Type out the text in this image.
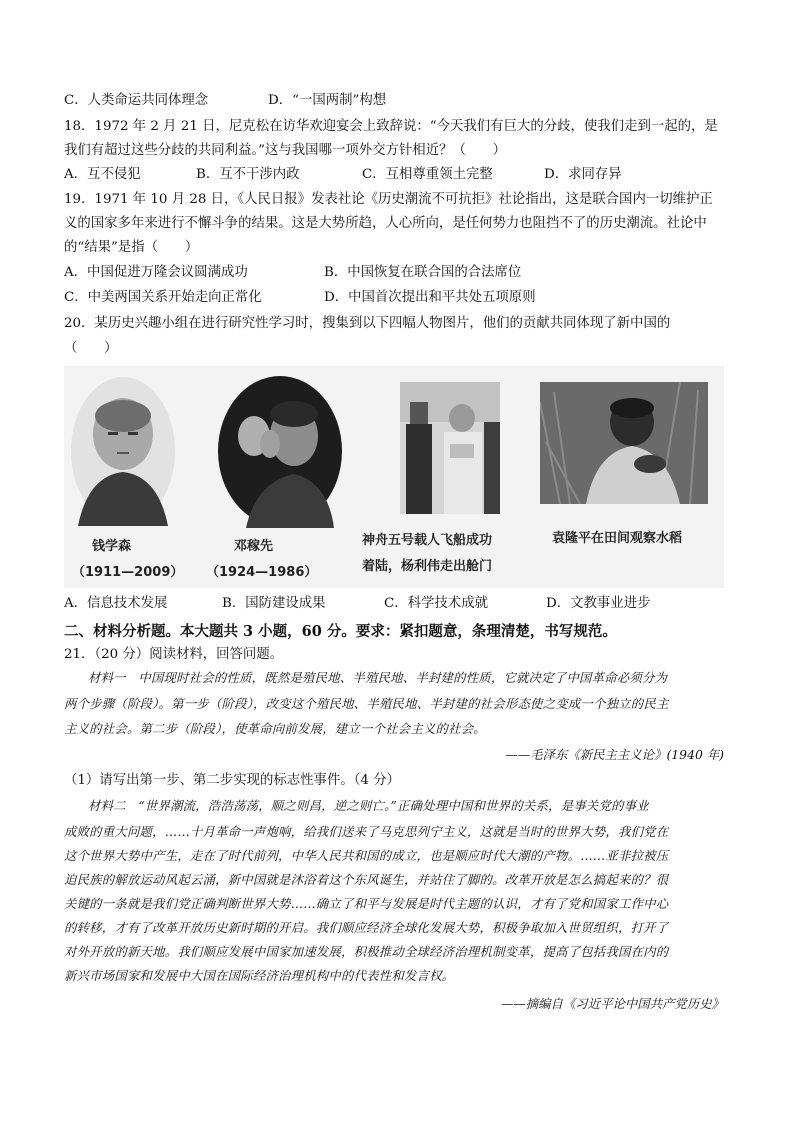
C．人类命运共同体理念	D．“一国两制”构想
18．1972 年 2 月 21 日，尼克松在访华欢迎宴会上致辞说：“今天我们有巨大的分歧，使我们走到一起的，是
我们有超过这些分歧的共同利益。”这与我国哪一项外交方针相近？（　　）
A．互不侵犯	B．互不干涉内政	C．互相尊重领土完整	D．求同存异
19．1971 年 10 月 28 日，《人民日报》发表社论《历史潮流不可抗拒》社论指出，这是联合国内一切维护正
义的国家多年来进行不懈斗争的结果。这是大势所趋，人心所向，是任何势力也阻挡不了的历史潮流。社论中
的“结果”是指（　　）
A．中国促进万隆会议圆满成功	B．中国恢复在联合国的合法席位
C．中美两国关系开始走向正常化	D．中国首次提出和平共处五项原则
20．某历史兴趣小组在进行研究性学习时，搜集到以下四幅人物图片，他们的贡献共同体现了新中国的
（　　）
钱学森
（1911—2009）
邓稼先
（1924—1986）
神舟五号载人飞船成功
着陆，杨利伟走出舱门
袁隆平在田间观察水稻
A．信息技术发展	B．国防建设成果	C．科学技术成就	D．文教事业进步
二、材料分析题。本大题共 3 小题，60 分。要求：紧扣题意，条理清楚，书写规范。
21．（20 分）阅读材料，回答问题。
材料一　中国现时社会的性质，既然是殖民地、半殖民地、半封建的性质，它就决定了中国革命必须分为
两个步骤（阶段）。第一步（阶段），改变这个殖民地、半殖民地、半封建的社会形态使之变成一个独立的民主
主义的社会。第二步（阶段），使革命向前发展，建立一个社会主义的社会。
——毛泽东《新民主主义论》(1940 年)
（1）请写出第一步、第二步实现的标志性事件。（4 分）
材料二　“世界潮流，浩浩荡荡，顺之则昌，逆之则亡。”正确处理中国和世界的关系，是事关党的事业
成败的重大问题，……十月革命一声炮响，给我们送来了马克思列宁主义，这就是当时的世界大势，我们党在
这个世界大势中产生，走在了时代前列，中华人民共和国的成立，也是顺应时代大潮的产物。……亚非拉被压
迫民族的解放运动风起云涌，新中国就是沐浴着这个东风诞生，并站住了脚的。改革开放是怎么搞起来的？很
关键的一条就是我们党正确判断世界大势……确立了和平与发展是时代主题的认识，才有了党和国家工作中心
的转移，才有了改革开放历史新时期的开启。我们顺应经济全球化发展大势，积极争取加入世贸组织，打开了
对外开放的新天地。我们顺应发展中国家加速发展，积极推动全球经济治理机制变革，提高了包括我国在内的
新兴市场国家和发展中大国在国际经济治理机构中的代表性和发言权。
——摘编自《习近平论中国共产党历史》
